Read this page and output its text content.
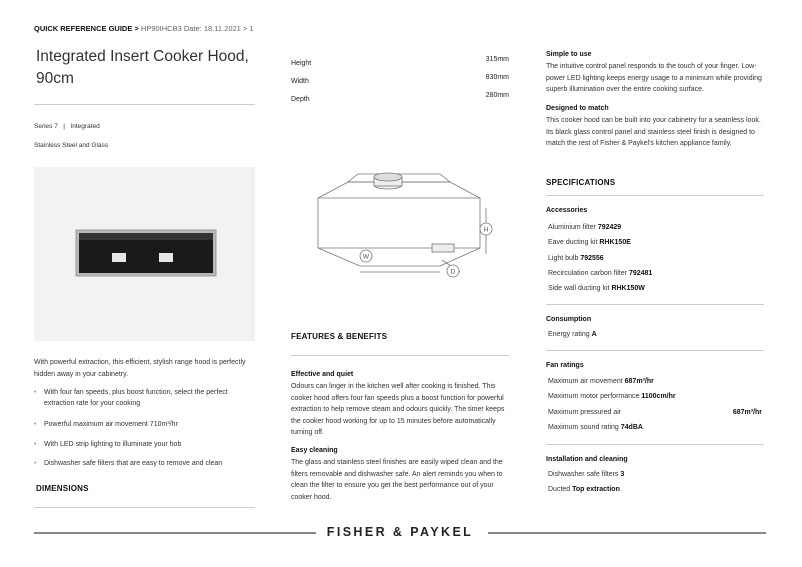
QUICK REFERENCE GUIDE > HP90IHCB3 Date: 18.11.2021 > 1
Integrated Insert Cooker Hood, 90cm
Series 7 | Integrated
Stainless Steel and Glass
With powerful extraction, this efficient, stylish range hood is perfectly hidden away in your cabinetry.
• With four fan speeds, plus boost function, select the perfect extraction rate for your cooking
• Powerful maximum air movement 710m³/hr
• With LED strip lighting to illuminate your hob
• Dishwasher safe filters that are easy to remove and clean
DIMENSIONS
Height
315mm
Width
830mm
Depth
280mm
H
W
D
FEATURES & BENEFITS
Effective and quiet
Odours can linger in the kitchen well after cooking is finished. This cooker hood offers four fan speeds plus a boost function for powerful extraction to help remove steam and odours quickly. The timer keeps the cooker hood working for up to 15 minutes before automatically turning off.
Easy cleaning
The glass and stainless steel finishes are easily wiped clean and the filters removable and dishwasher safe. An alert reminds you when to clean the filter to ensure you get the best performance out of your cooker hood.
Simple to use
The intuitive control panel responds to the touch of your finger. Low-power LED lighting keeps energy usage to a minimum while providing superb illumination over the entire cooking surface.
Designed to match
This cooker hood can be built into your cabinetry for a seamless look. Its black glass control panel and stainless steel finish is designed to match the rest of Fisher & Paykel's kitchen appliance family.
SPECIFICATIONS
Accessories
Aluminium filter 792429
Eave ducting kit RHK150E
Light bulb 792556
Recirculation carbon filter 792481
Side wall ducting kit RHK150W
Consumption
Energy rating A
Fan ratings
Maximum air movement 687m³/hr
Maximum motor performance 1100cm/hr
Maximum pressured air	687m³/hr
Maximum sound rating 74dBA
Installation and cleaning
Dishwasher safe filters 3
Ducted Top extraction
FISHER & PAYKEL
